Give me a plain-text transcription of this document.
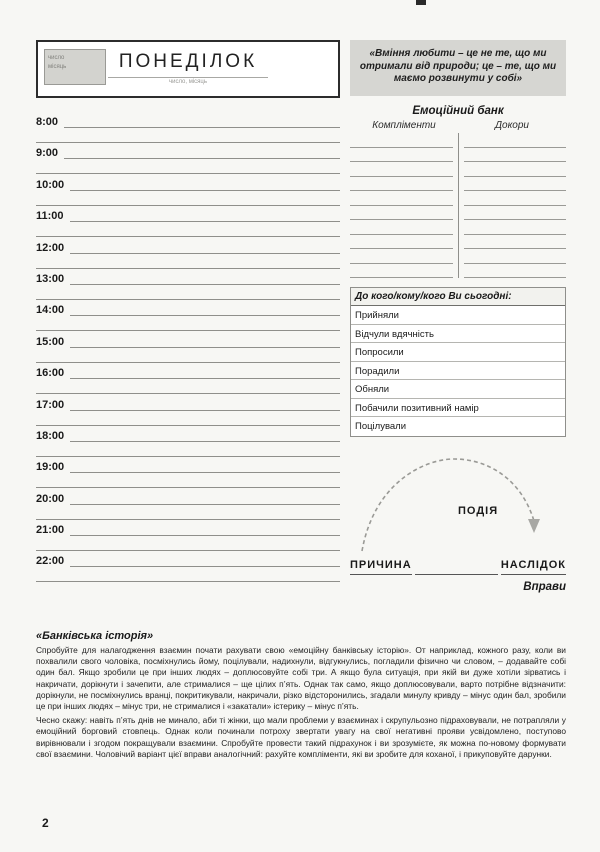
число
місяць	ПОНЕДІЛОК
число, місяць
8:00
9:00
10:00
11:00
12:00
13:00
14:00
15:00
16:00
17:00
18:00
19:00
20:00
21:00
22:00
«Вміння любити – це не те, що ми отримали від природи; це – те, що ми маємо розвинути у собі»
Емоційний банк
Компліменти	Докори
До кого/кому/кого Ви сьогодні:
Прийняли
Відчули вдячність
Попросили
Порадили
Обняли
Побачили позитивний намір
Поцілували
ПОДІЯ
ПРИЧИНА	НАСЛІДОК
Вправи
«Банківська історія»

Спробуйте для налагодження взаємин почати рахувати свою «емоційну банківську історію». От наприклад, кожного разу, коли ви похвалили свого чоловіка, посміхнулись йому, поцілували, надихнули, відгукнулись, погладили фізично чи словом, – додавайте собі один бал. Якщо зробили це при інших людях – доплюсовуйте собі три. А якщо була ситуація, при якій ви дуже хотіли зірватись і накричати, дорікнути і зачепити, але стрималися – ще цілих п’ять. Однак так само, якщо доплюсовували, варто потрібне відзначити: дорікнули, не посміхнулись вранці, покритикували, накричали, різко відсторонились, згадали минулу кривду – мінус один бал, зробили це при інших людях – мінус три, не стрималися і «закатали» істерику – мінус п’ять.

Чесно скажу: навіть п’ять днів не минало, аби ті жінки, що мали проблеми у взаєминах і скрупульозно підраховували, не потрапляли у емоційний борговий стовпець. Однак коли починали потроху звертати увагу на свої негативні прояви усвідомлено, поступово вирівнювали і згодом покращували взаємини. Спробуйте провести такий підрахунок і ви зрозумієте, як можна по-новому формувати свої взаємини. Чоловічий варіант цієї вправи аналогічний: рахуйте компліменти, які ви зробите для коханої, і прикуповуйте дарунки.

2
